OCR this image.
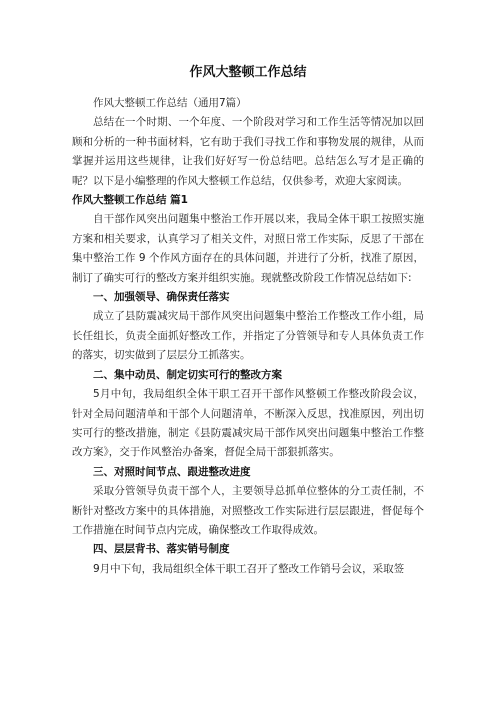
作风大整顿工作总结

作风大整顿工作总结（通用7篇）

总结在一个时期、一个年度、一个阶段对学习和工作生活等情况加以回顾和分析的一种书面材料，它有助于我们寻找工作和事物发展的规律，从而掌握并运用这些规律，让我们好好写一份总结吧。总结怎么写才是正确的呢？以下是小编整理的作风大整顿工作总结，仅供参考，欢迎大家阅读。

作风大整顿工作总结 篇1

自干部作风突出问题集中整治工作开展以来，我局全体干职工按照实施方案和相关要求，认真学习了相关文件，对照日常工作实际，反思了干部在集中整治工作 9 个作风方面存在的具体问题，并进行了分析，找准了原因，制订了确实可行的整改方案并组织实施。现就整改阶段工作情况总结如下:

一、加强领导、确保责任落实

成立了县防震减灾局干部作风突出问题集中整治工作整改工作小组，局长任组长，负责全面抓好整改工作，并指定了分管领导和专人具体负责工作的落实，切实做到了层层分工抓落实。

二、集中动员、制定切实可行的整改方案

5月中旬，我局组织全体干职工召开干部作风整顿工作整改阶段会议，针对全局问题清单和干部个人问题清单，不断深入反思，找准原因，列出切实可行的整改措施，制定《县防震减灾局干部作风突出问题集中整治工作整改方案》，交于作风整治办备案，督促全局干部狠抓落实。

三、对照时间节点、跟进整改进度

采取分管领导负责干部个人，主要领导总抓单位整体的分工责任制，不断针对整改方案中的具体措施，对照整改工作实际进行层层跟进，督促每个工作措施在时间节点内完成，确保整改工作取得成效。

四、层层背书、落实销号制度

9月中下旬，我局组织全体干职工召开了整改工作销号会议，采取签
